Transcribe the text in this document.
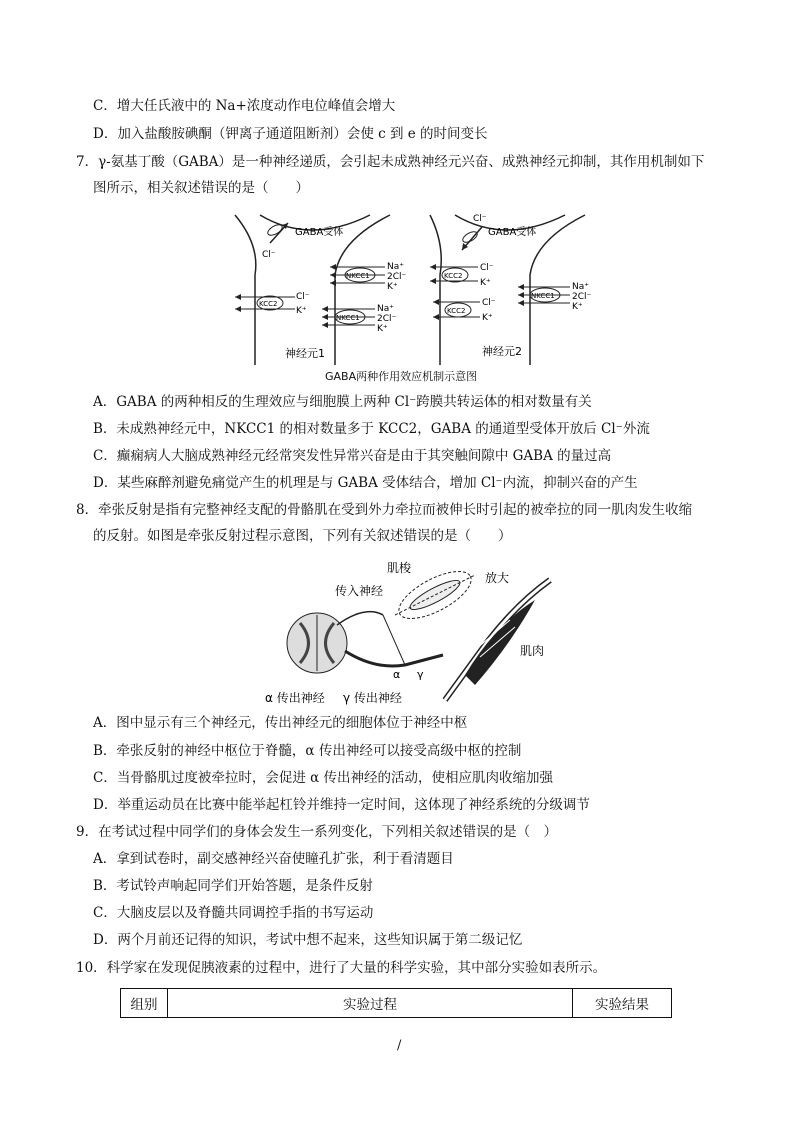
C．增大任氏液中的 Na+浓度动作电位峰值会增大
D．加入盐酸胺碘酮（钾离子通道阻断剂）会使 c 到 e 的时间变长
7．γ-氨基丁酸（GABA）是一种神经递质，会引起未成熟神经元兴奋、成熟神经元抑制，其作用机制如下
图所示，相关叙述错误的是（　　）
GABA受体
Cl⁻
KCC2
Cl⁻
K⁺
NKCC1
Na⁺
2Cl⁻
K⁺
NKCC1
Na⁺
2Cl⁻
K⁺
Cl⁻
GABA受体
KCC2
Cl⁻
K⁺
KCC2
Cl⁻
K⁺
NKCC1
Na⁺
2Cl⁻
K⁺
神经元1	神经元2
GABA两种作用效应机制示意图
A．GABA 的两种相反的生理效应与细胞膜上两种 Cl⁻跨膜共转运体的相对数量有关
B．未成熟神经元中，NKCC1 的相对数量多于 KCC2，GABA 的通道型受体开放后 Cl⁻外流
C．癫痫病人大脑成熟神经元经常突发性异常兴奋是由于其突触间隙中 GABA 的量过高
D．某些麻醉剂避免痛觉产生的机理是与 GABA 受体结合，增加 Cl⁻内流，抑制兴奋的产生
8．牵张反射是指有完整神经支配的骨骼肌在受到外力牵拉而被伸长时引起的被牵拉的同一肌肉发生收缩
的反射。如图是牵张反射过程示意图，下列有关叙述错误的是（　　）
肌梭
放大
传入神经
肌肉
α γ
α 传出神经 γ 传出神经
A．图中显示有三个神经元，传出神经元的细胞体位于神经中枢
B．牵张反射的神经中枢位于脊髓，α 传出神经可以接受高级中枢的控制
C．当骨骼肌过度被牵拉时，会促进 α 传出神经的活动，使相应肌肉收缩加强
D．举重运动员在比赛中能举起杠铃并维持一定时间，这体现了神经系统的分级调节
9．在考试过程中同学们的身体会发生一系列变化，下列相关叙述错误的是（　）
A．拿到试卷时，副交感神经兴奋使瞳孔扩张，利于看清题目
B．考试铃声响起同学们开始答题，是条件反射
C．大脑皮层以及脊髓共同调控手指的书写运动
D．两个月前还记得的知识，考试中想不起来，这些知识属于第二级记忆
10．科学家在发现促胰液素的过程中，进行了大量的科学实验，其中部分实验如表所示。
组别	实验过程	实验结果
/
